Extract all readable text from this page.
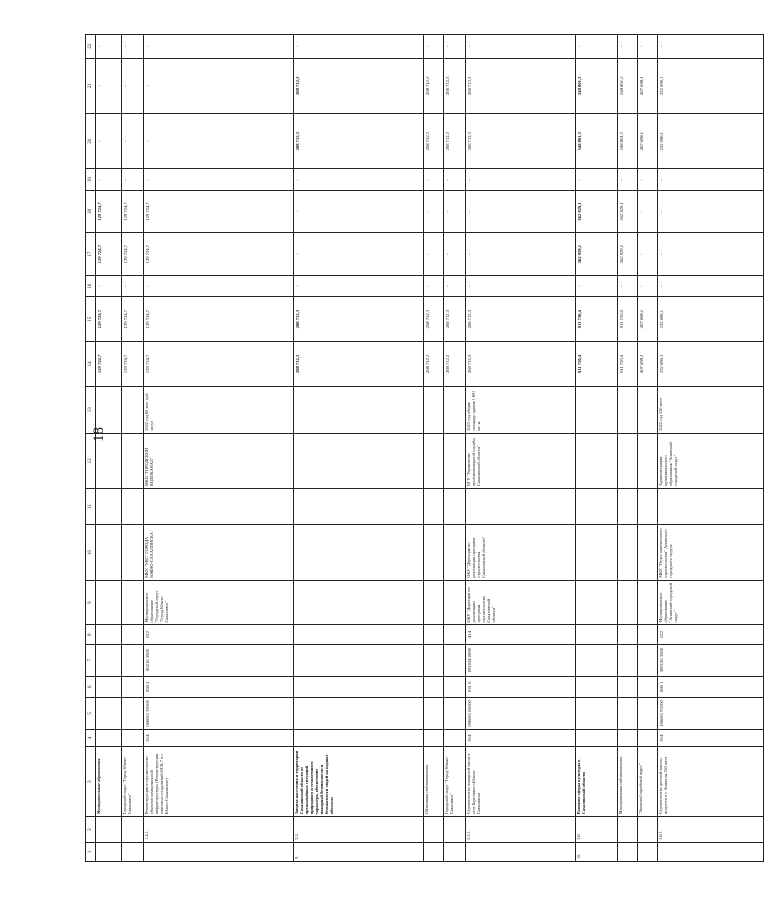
18
1	2	3	4	5	6	7	8	9	10	11	12	13	14	15	16	17	18	19	20	21	22
		Муниципальные образования											129 724,7	129 724,7	-	129 724,7	129 724,7	-	-	-	-
		Городской округ "Город Южно-Сахалинск"											129 724,7	129 724,7	-	129 724,7	129 724,7	-	-	-	-
	1.4.1.	Реконструкция и строительство объектов коммунальной инфраструктуры (Реконструкция очистных сооружений ОСК-7 в г. Южно-Сахалинске)	014	060001 39100	050 2	S0216 3500	522	Муниципальное образование "Городской округ "Город Южно-Сахалинск"	МКУ "УКС" ГОРОДА ЮЖНО-САХАЛИНСКА		МКП "ГОРОДСКОЙ ВОДОКАНАЛ"	2022 год 60 тыс. куб. м/сут	129 724,7	129 724,7	-	129 724,7	129 724,7	-	-	-	-
9.	3.5.	Защита населения и территории Сахалинской области от чрезвычайных ситуаций природного и техногенного характера, обеспечение пожарной безопасности и безопасности людей на водных объектах											208 712,3	208 712,3	-	-	-	-	208 712,3	208 712,3	-
		Областная собственность											208 712,3	208 712,3	-	-	-	-	208 712,3	208 712,3	-
		Городской округ "Город Южно-Сахалинск"											208 712,3	208 712,3	-	-	-	-	208 712,3	208 712,3	-
	3.5.1.	Строительство пожарной части в селе Березняки г.Южно-Сахалинска	014	090001 86100	031 0	091034 0090	414	ОКУ "Дирекция по реализации программ строительства Сахалинской области"	ОКУ "Дирекция по реализации программ строительства Сахалинской области"		ОГУ "Управление противопожарной службы Сахалинской области"	2023 год общая площадь здания 1 691 кв. м.	208 712,3	208 712,3	-	-	-	-	208 712,3	208 712,3	-
10.	3.6.	Развитие сферы культуры в Сахалинской области											911 730,4	911 730,4	-	362 929,1	362 929,1	-	548 801,3	548 801,3	-
		Муниципальная собственность											911 730,4	911 730,4	-	362 929,1	362 929,1	-	548 801,3	548 801,3	-
		"Анивский городской округ"											407 698,1	407 698,1	-	-	-	-	407 698,1	407 698,1	-
	3.6.1.	Строительство детской школы искусств в г. Анива на 350 мест	014	100001 93100	080 1	300126 3500	522	Муниципальное образование "Анивский городской округ"	МКУ "Отдел капитального строительства" Анивского городского округа		Администрация муниципального образования "Анивский городской округ"	2022 год 350 мест	232 698,1	232 698,1	-	-	-	-	232 698,1	232 698,1	-
